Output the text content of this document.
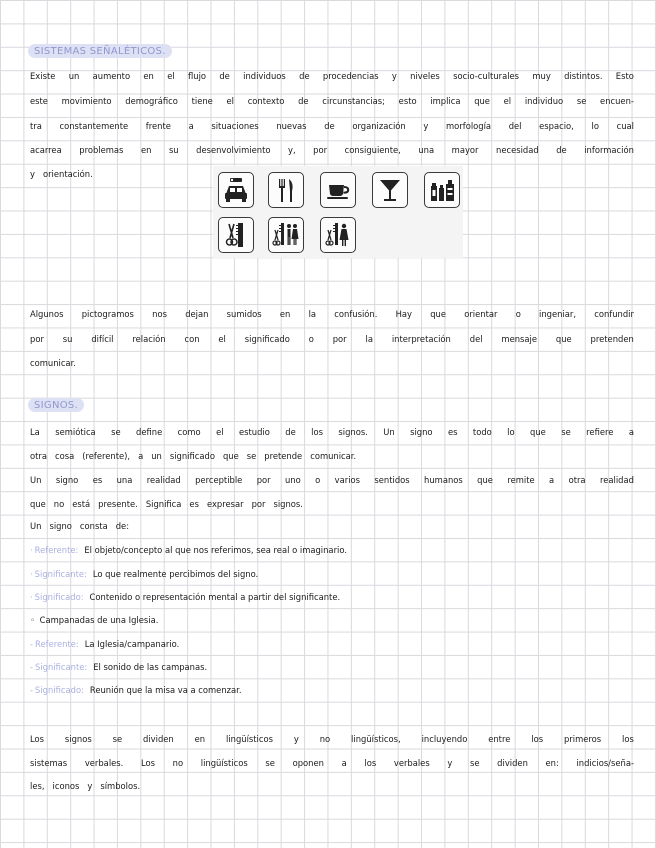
SISTEMAS SEÑALÉTICOS.
Existe un aumento en el flujo de individuos de procedencias y niveles socio-culturales muy distintos. Esto
este movimiento demográfico tiene el contexto de circunstancias; esto implica que el individuo se encuen-
tra constantemente frente a situaciones nuevas de organización y morfología del espacio, lo cual
acarrea problemas en su desenvolvimiento y, por consiguiente, una mayor necesidad de información
y orientación.
Algunos pictogramos nos dejan sumidos en la confusión. Hay que orientar o ingeniar, confundir
por su difícil relación con el significado o por la interpretación del mensaje que pretenden
comunicar.
SIGNOS.
La semiótica se define como el estudio de los signos. Un signo es todo lo que se refiere a
otra cosa (referente), a un significado que se pretende comunicar.
Un signo es una realidad perceptible por uno o varios sentidos humanos que remite a otra realidad
que no está presente. Significa es expresar por signos.
Un signo consta de:
· Referente: El objeto/concepto al que nos referimos, sea real o imaginario.
· Significante: Lo que realmente percibimos del signo.
· Significado: Contenido o representación mental a partir del significante.
◦ Campanadas de una Iglesia.
- Referente: La Iglesia/campanario.
- Significante: El sonido de las campanas.
- Significado: Reunión que la misa va a comenzar.
Los signos se dividen en lingüísticos y no lingüísticos, incluyendo entre los primeros los
sistemas verbales. Los no lingüísticos se oponen a los verbales y se dividen en: indicios/seña-
les, iconos y símbolos.
